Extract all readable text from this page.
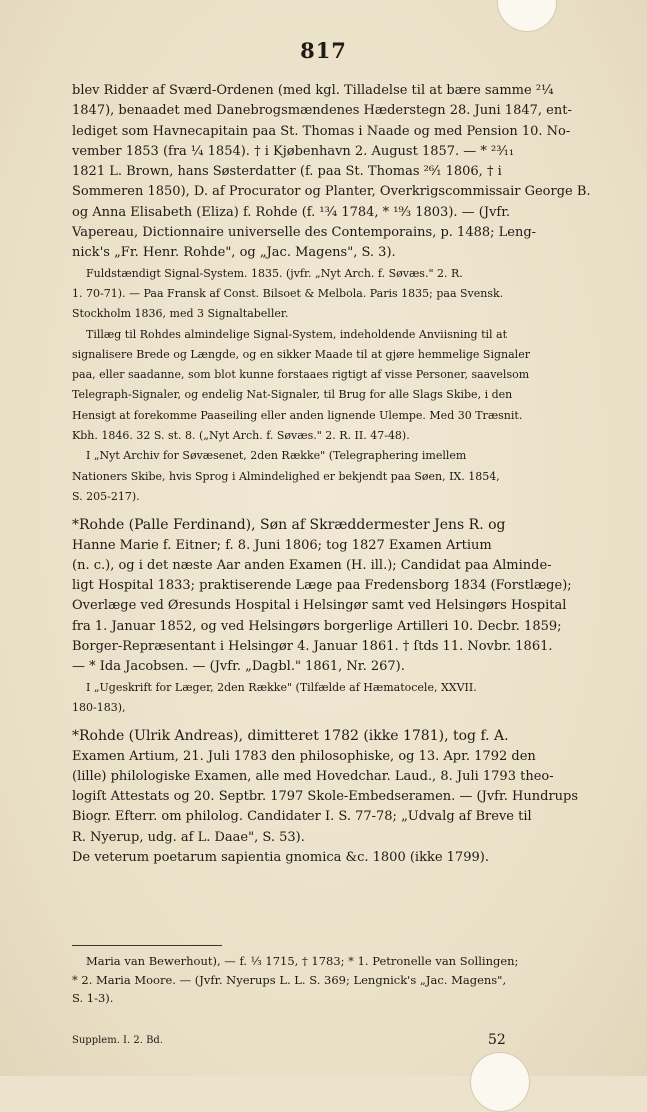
817
blev Ridder af Sværd-Ordenen (med kgl. Tilladelse til at bære samme ²¹⁄₄
1847), benaadet med Danebrogsmændenes Hæderstegn 28. Juni 1847, ent-
lediget som Havnecapitain paa St. Thomas i Naade og med Pension 10. No-
vember 1853 (fra ¼ 1854). † i Kjøbenhavn 2. August 1857. — * ²³⁄₁₁
1821 L. Brown, hans Søsterdatter (f. paa St. Thomas ²⁶⁄₁ 1806, † i
Sommeren 1850), D. af Procurator og Planter, Overkrigscommissair George B.
og Anna Elisabeth (Eliza) f. Rohde (f. ¹³⁄₄ 1784, * ¹⁹⁄₃ 1803). — (Jvfr.
Vapereau, Dictionnaire universelle des Contemporains, p. 1488; Leng-
nick's „Fr. Henr. Rohde", og „Jac. Magens", S. 3).
Fuldstændigt Signal-System. 1835. (jvfr. „Nyt Arch. f. Søvæs." 2. R.
1. 70-71). — Paa Fransk af Const. Bilsoet & Melbola. Paris 1835; paa Svensk.
Stockholm 1836, med 3 Signaltabeller.
Tillæg til Rohdes almindelige Signal-System, indeholdende Anviisning til at
signalisere Brede og Længde, og en sikker Maade til at gjøre hemmelige Signaler
paa, eller saadanne, som blot kunne forstaaes rigtigt af visse Personer, saavelsom
Telegraph-Signaler, og endelig Nat-Signaler, til Brug for alle Slags Skibe, i den
Hensigt at forekomme Paaseiling eller anden lignende Ulempe. Med 30 Træsnit.
Kbh. 1846. 32 S. st. 8. („Nyt Arch. f. Søvæs." 2. R. II. 47-48).
I „Nyt Archiv for Søvæsenet, 2den Række" (Telegraphering imellem
Nationers Skibe, hvis Sprog i Almindelighed er bekjendt paa Søen, IX. 1854,
S. 205-217).
*Rohde (Palle Ferdinand), Søn af Skræddermester Jens R. og
Hanne Marie f. Eitner; f. 8. Juni 1806; tog 1827 Examen Artium
(n. c.), og i det næste Aar anden Examen (H. ill.); Candidat paa Alminde-
ligt Hospital 1833; praktiserende Læge paa Fredensborg 1834 (Forstlæge);
Overlæge ved Øresunds Hospital i Helsingør samt ved Helsingørs Hospital
fra 1. Januar 1852, og ved Helsingørs borgerlige Artilleri 10. Decbr. 1859;
Borger-Repræsentant i Helsingør 4. Januar 1861. † ſtds 11. Novbr. 1861.
— * Ida Jacobsen. — (Jvfr. „Dagbl." 1861, Nr. 267).
I „Ugeskrift for Læger, 2den Række" (Tilfælde af Hæmatocele, XXVII.
180-183),
*Rohde (Ulrik Andreas), dimitteret 1782 (ikke 1781), tog f. A.
Examen Artium, 21. Juli 1783 den philosophiske, og 13. Apr. 1792 den
(lille) philologiske Examen, alle med Hovedchar. Laud., 8. Juli 1793 theo-
logiſt Attestats og 20. Septbr. 1797 Skole-Embedseramen. — (Jvfr. Hundrups
Biogr. Efterr. om philolog. Candidater I. S. 77-78; „Udvalg af Breve til
R. Nyerup, udg. af L. Daae", S. 53).
De veterum poetarum sapientia gnomica &c. 1800 (ikke 1799).
Maria van Bewerhout), — f. ⅓ 1715, † 1783; * 1. Petronelle van Sollingen;
* 2. Maria Moore. — (Jvfr. Nyerups L. L. S. 369; Lengnick's „Jac. Magens",
S. 1-3).
Supplem. I. 2. Bd.	52
